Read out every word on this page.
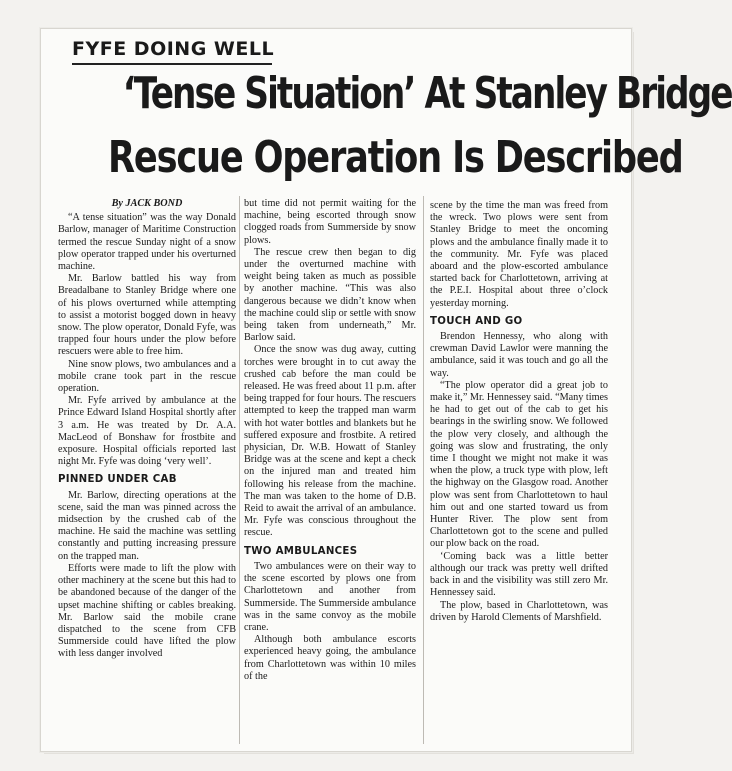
FYFE DOING WELL
‘Tense Situation’ At Stanley Bridge
Rescue Operation Is Described
By JACK BOND

“A tense situation” was the way Donald Barlow, manager of Maritime Construction termed the rescue Sunday night of a snow plow operator trapped under his overturned machine.

Mr. Barlow battled his way from Breadalbane to Stanley Bridge where one of his plows overturned while attempting to assist a motorist bogged down in heavy snow. The plow operator, Donald Fyfe, was trapped four hours under the plow before rescuers were able to free him.

Nine snow plows, two ambulances and a mobile crane took part in the rescue operation.

Mr. Fyfe arrived by ambulance at the Prince Edward Island Hospital shortly after 3 a.m. He was treated by Dr. A.A. MacLeod of Bonshaw for frostbite and exposure. Hospital officials reported last night Mr. Fyfe was doing ‘very well’.

PINNED UNDER CAB

Mr. Barlow, directing operations at the scene, said the man was pinned across the midsection by the crushed cab of the machine. He said the machine was settling constantly and putting increasing pressure on the trapped man.

Efforts were made to lift the plow with other machinery at the scene but this had to be abandoned because of the danger of the upset machine shifting or cables breaking. Mr. Barlow said the mobile crane dispatched to the scene from CFB Summerside could have lifted the plow with less danger involved

but time did not permit waiting for the machine, being escorted through snow clogged roads from Summerside by snow plows.

The rescue crew then began to dig under the overturned machine with weight being taken as much as possible by another machine. “This was also dangerous because we didn’t know when the machine could slip or settle with snow being taken from underneath,” Mr. Barlow said.

Once the snow was dug away, cutting torches were brought in to cut away the crushed cab before the man could be released. He was freed about 11 p.m. after being trapped for four hours. The rescuers attempted to keep the trapped man warm with hot water bottles and blankets but he suffered exposure and frostbite. A retired physician, Dr. W.B. Howatt of Stanley Bridge was at the scene and kept a check on the injured man and treated him following his release from the machine. The man was taken to the home of D.B. Reid to await the arrival of an ambulance. Mr. Fyfe was conscious throughout the rescue.

TWO AMBULANCES

Two ambulances were on their way to the scene escorted by plows one from Charlottetown and another from Summerside. The Summerside ambulance was in the same convoy as the mobile crane.

Although both ambulance escorts experienced heavy going, the ambulance from Charlottetown was within 10 miles of the

scene by the time the man was freed from the wreck. Two plows were sent from Stanley Bridge to meet the oncoming plows and the ambulance finally made it to the community. Mr. Fyfe was placed aboard and the plow-escorted ambulance started back for Charlottetown, arriving at the P.E.I. Hospital about three o’clock yesterday morning.

TOUCH AND GO

Brendon Hennessy, who along with crewman David Lawlor were manning the ambulance, said it was touch and go all the way.

“The plow operator did a great job to make it,” Mr. Hennessey said. “Many times he had to get out of the cab to get his bearings in the swirling snow. We followed the plow very closely, and although the going was slow and frustrating, the only time I thought we might not make it was when the plow, a truck type with plow, left the highway on the Glasgow road. Another plow was sent from Charlottetown to haul him out and one started toward us from Hunter River. The plow sent from Charlottetown got to the scene and pulled our plow back on the road.

‘Coming back was a little better although our track was pretty well drifted back in and the visibility was still zero Mr. Hennessey said.

The plow, based in Charlottetown, was driven by Harold Clements of Marshfield.
